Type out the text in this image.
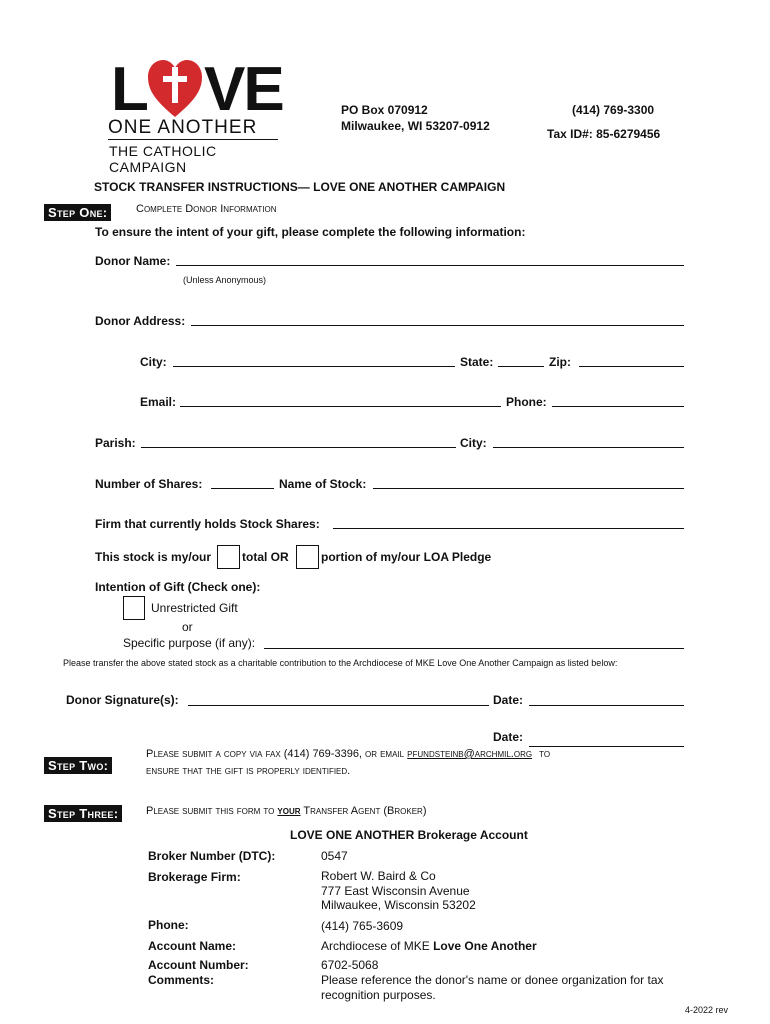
L VE
ONE ANOTHER
THE CATHOLIC CAMPAIGN
PO Box 070912
Milwaukee, WI 53207-0912
(414) 769-3300
Tax ID#: 85-6279456
STOCK TRANSFER INSTRUCTIONS— LOVE ONE ANOTHER CAMPAIGN
Step One:	Complete Donor Information
To ensure the intent of your gift, please complete the following information:
Donor Name:
(Unless Anonymous)
Donor Address:
City:	State:	Zip:
Email:	Phone:
Parish:	City:
Number of Shares:	Name of Stock:
Firm that currently holds Stock Shares:
This stock is my/our	total OR	portion of my/our LOA Pledge
Intention of Gift (Check one):
Unrestricted Gift
or
Specific purpose (if any):
Please transfer the above stated stock as a charitable contribution to the Archdiocese of MKE Love One Another Campaign as listed below:
Donor Signature(s):	Date:
Date:
Step Two:
Please submit a copy via fax (414) 769-3396, or email pfundsteinb@archmil.org to
ensure that the gift is properly identified.
Step Three:	Please submit this form to your Transfer Agent (Broker)
LOVE ONE ANOTHER Brokerage Account
Broker Number (DTC):	0547
Brokerage Firm:	Robert W. Baird & Co
777 East Wisconsin Avenue
Milwaukee, Wisconsin 53202
Phone:	(414) 765-3609
Account Name:	Archdiocese of MKE Love One Another
Account Number:	6702-5068
Comments:	Please reference the donor's name or donee organization for tax
recognition purposes.
4-2022 rev
